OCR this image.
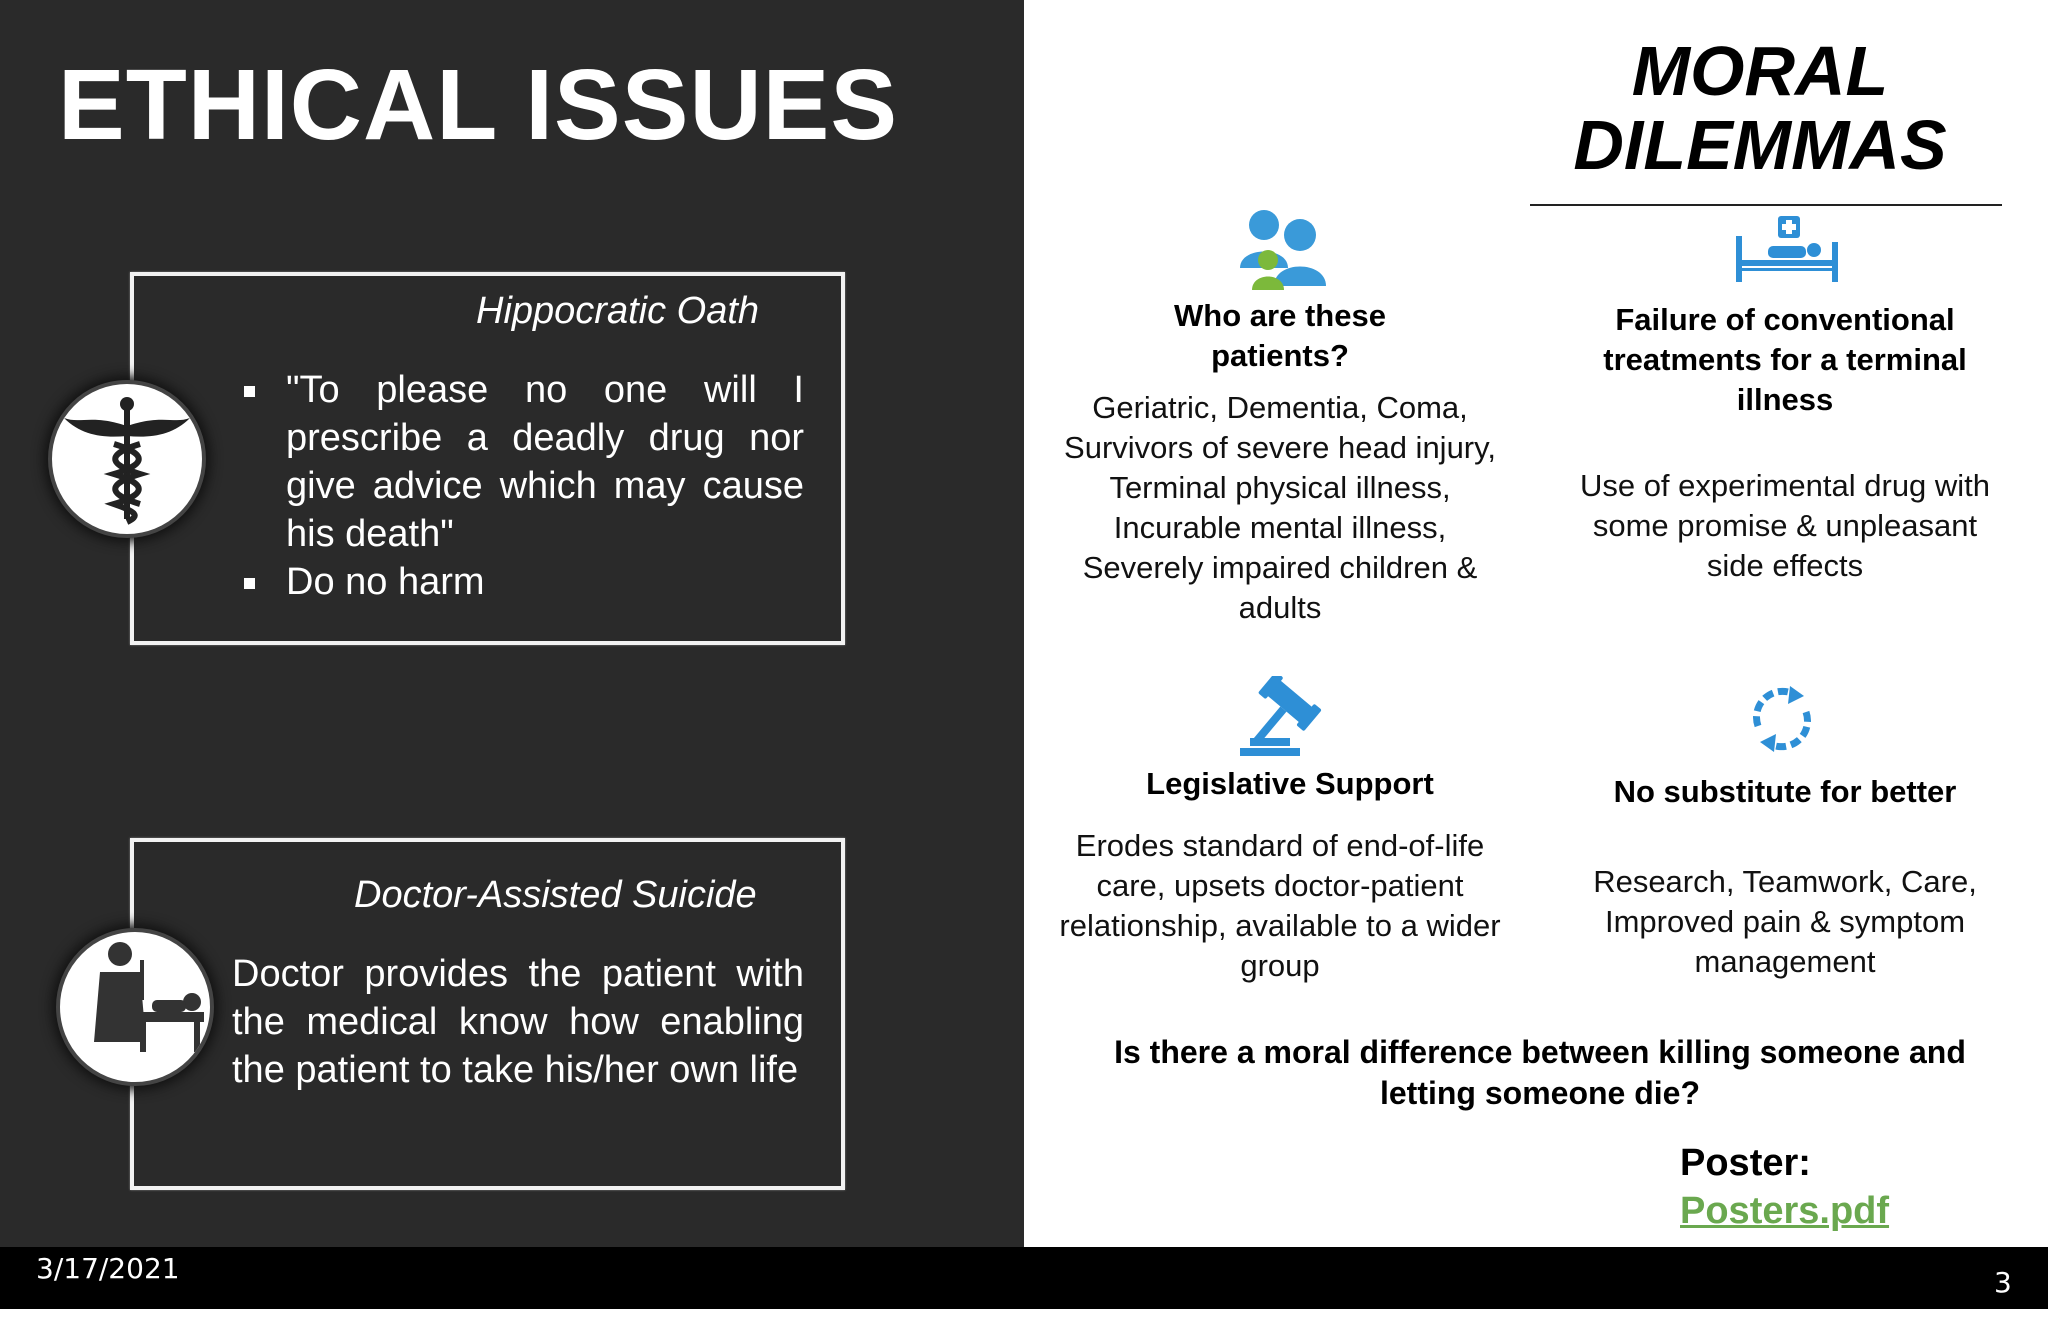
ETHICAL ISSUES
Hippocratic Oath
"To please no one will I prescribe a deadly drug nor give advice which may cause his death"
Do no harm
Doctor-Assisted Suicide
Doctor provides the patient with the medical know how enabling the patient to take his/her own life
MORAL
DILEMMAS
Who are these patients?
Geriatric, Dementia, Coma, Survivors of severe head injury, Terminal physical illness, Incurable mental illness, Severely impaired children & adults
Failure of conventional treatments for a terminal illness
Use of experimental drug with some promise & unpleasant side effects
Legislative Support
Erodes standard of end-of-life care, upsets doctor-patient relationship, available to a wider group
No substitute for better
Research, Teamwork, Care, Improved pain & symptom management
Is there a moral difference between killing someone and letting someone die?
Poster:
Posters.pdf
3/17/2021	3
